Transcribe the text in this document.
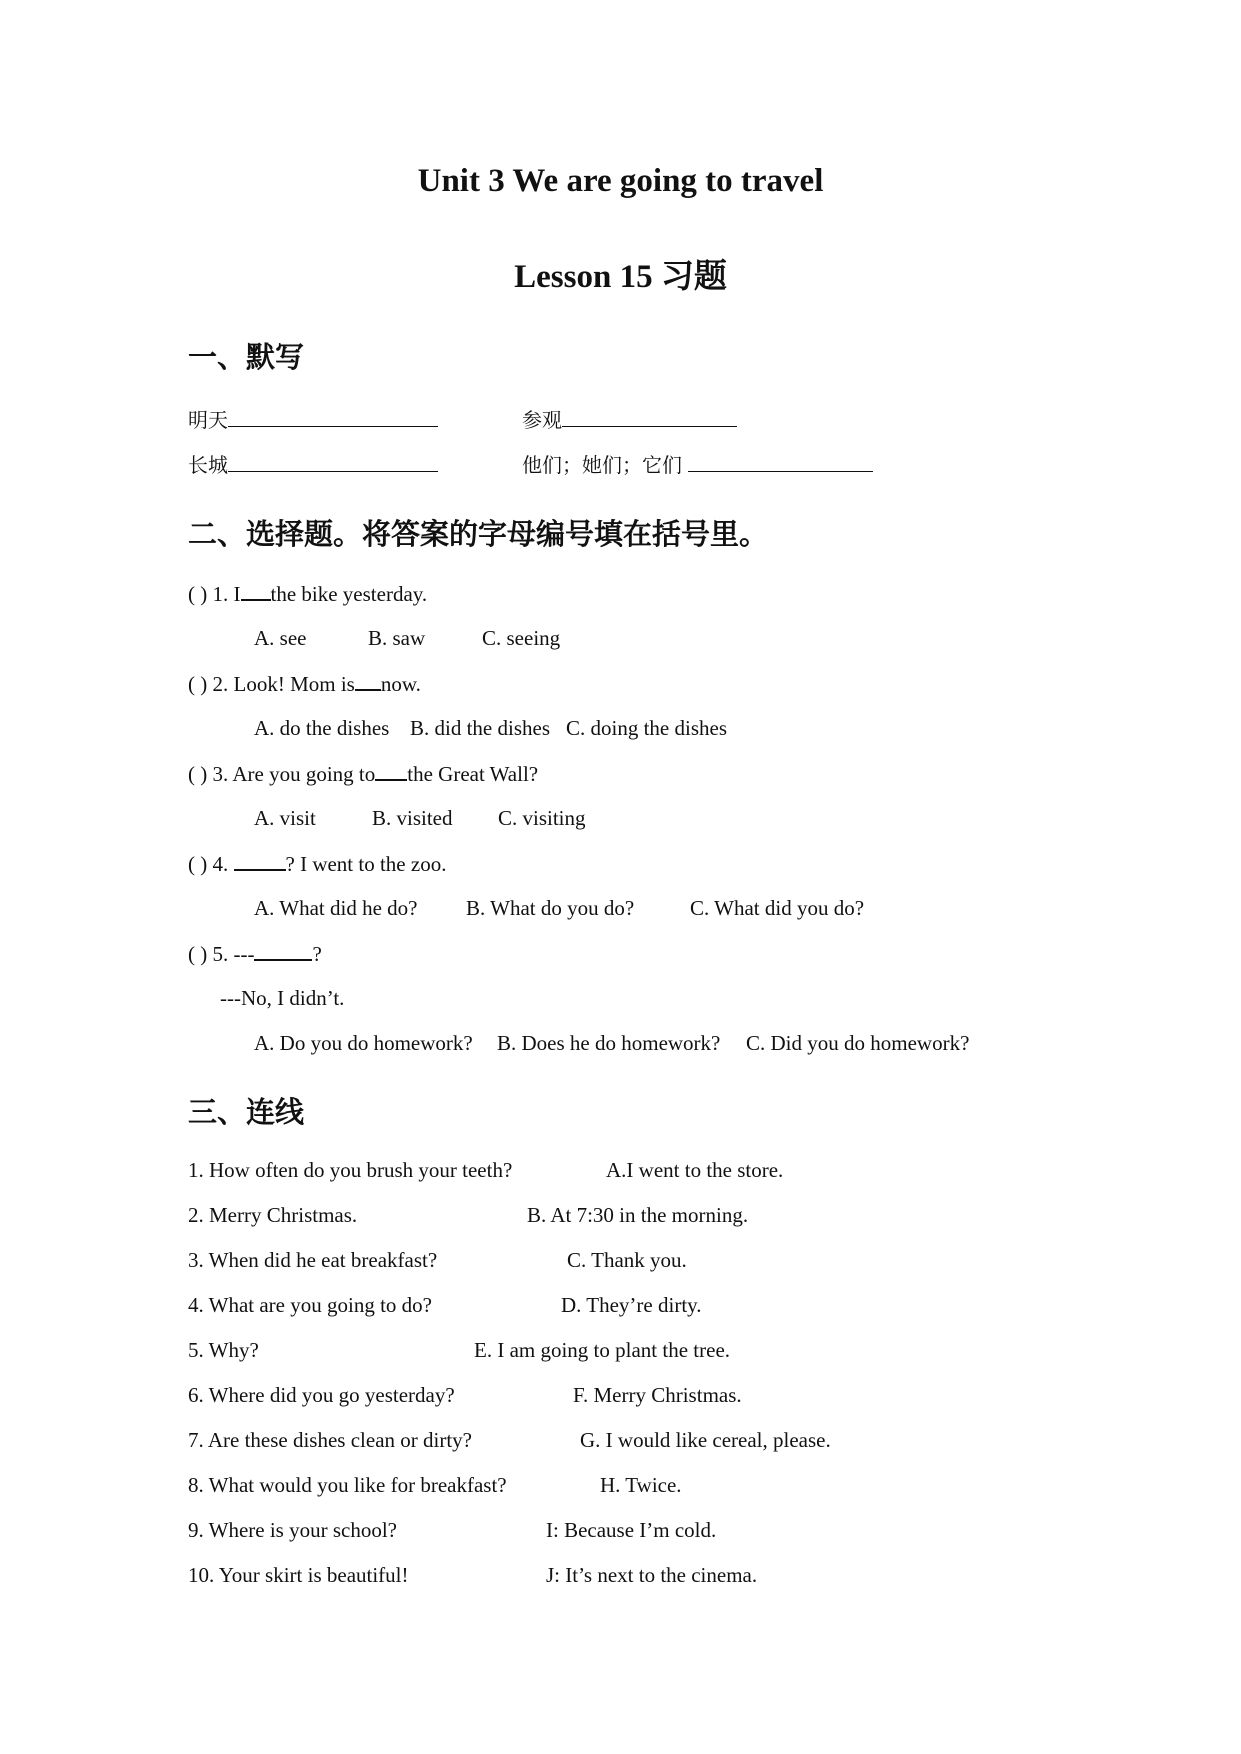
Unit 3 We are going to travel
Lesson 15 习题
一、默写
明天	参观
长城	他们；她们；它们
二、选择题。将答案的字母编号填在括号里。
( ) 1. I the bike yesterday.
A. see	B. saw	C. seeing
( ) 2. Look! Mom is now.
A. do the dishes B. did the dishes C. doing the dishes
( ) 3. Are you going to the Great Wall?
A. visit	B. visited C. visiting
( ) 4.	? I went to the zoo.
A. What did he do? B. What do you do?	C. What did you do?
( ) 5. ---	?
---No, I didn’t.
A. Do you do homework? B. Does he do homework? C. Did you do homework?
三、连线
1. How often do you brush your teeth?	A.I went to the store.
2. Merry Christmas.	B. At 7:30 in the morning.
3. When did he eat breakfast?	C. Thank you.
4. What are you going to do?	D. They’re dirty.
5. Why?	E. I am going to plant the tree.
6. Where did you go yesterday?	F. Merry Christmas.
7. Are these dishes clean or dirty?	G. I would like cereal, please.
8. What would you like for breakfast?	H. Twice.
9. Where is your school?	I: Because I’m cold.
10. Your skirt is beautiful!	J: It’s next to the cinema.
